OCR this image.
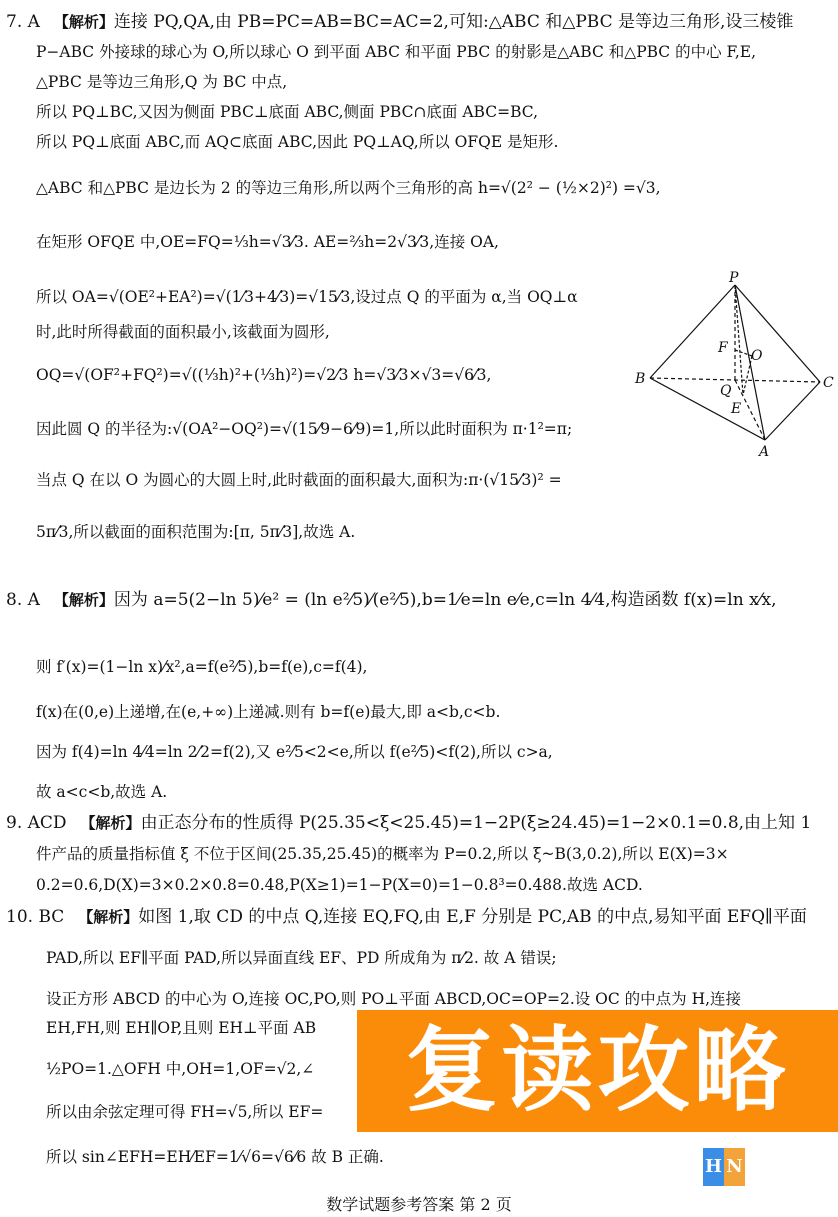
7. A 【解析】连接 PQ,QA,由 PB=PC=AB=BC=AC=2,可知:△ABC 和△PBC 是等边三角形,设三棱锥
P−ABC 外接球的球心为 O,所以球心 O 到平面 ABC 和平面 PBC 的射影是△ABC 和△PBC 的中心 F,E,
△PBC 是等边三角形,Q 为 BC 中点,
所以 PQ⊥BC,又因为侧面 PBC⊥底面 ABC,侧面 PBC∩底面 ABC=BC,
所以 PQ⊥底面 ABC,而 AQ⊂底面 ABC,因此 PQ⊥AQ,所以 OFQE 是矩形.
△ABC 和△PBC 是边长为 2 的等边三角形,所以两个三角形的高 h=√(2² − (½×2)²) =√3,
在矩形 OFQE 中,OE=FQ=⅓h=√3⁄3. AE=⅔h=2√3⁄3,连接 OA,
所以 OA=√(OE²+EA²)=√(1⁄3+4⁄3)=√15⁄3,设过点 Q 的平面为 α,当 OQ⊥α
时,此时所得截面的面积最小,该截面为圆形,
OQ=√(OF²+FQ²)=√((⅓h)²+(⅓h)²)=√2⁄3 h=√3⁄3×√3=√6⁄3,
因此圆 Q 的半径为:√(OA²−OQ²)=√(15⁄9−6⁄9)=1,所以此时面积为 π·1²=π;
当点 Q 在以 O 为圆心的大圆上时,此时截面的面积最大,面积为:π·(√15⁄3)² =
5π⁄3,所以截面的面积范围为:[π, 5π⁄3],故选 A.
P
B	C
A
F O
Q
E
8. A 【解析】因为 a=5(2−ln 5)⁄e² = (ln e²⁄5)⁄(e²⁄5),b=1⁄e=ln e⁄e,c=ln 4⁄4,构造函数 f(x)=ln x⁄x,
则 f′(x)=(1−ln x)⁄x²,a=f(e²⁄5),b=f(e),c=f(4),
f(x)在(0,e)上递增,在(e,+∞)上递减.则有 b=f(e)最大,即 a<b,c<b.
因为 f(4)=ln 4⁄4=ln 2⁄2=f(2),又 e²⁄5<2<e,所以 f(e²⁄5)<f(2),所以 c>a,
故 a<c<b,故选 A.
9. ACD 【解析】由正态分布的性质得 P(25.35<ξ<25.45)=1−2P(ξ≥24.45)=1−2×0.1=0.8,由上知 1
件产品的质量指标值 ξ 不位于区间(25.35,25.45)的概率为 P=0.2,所以 ξ~B(3,0.2),所以 E(X)=3×
0.2=0.6,D(X)=3×0.2×0.8=0.48,P(X≥1)=1−P(X=0)=1−0.8³=0.488.故选 ACD.
10. BC 【解析】如图 1,取 CD 的中点 Q,连接 EQ,FQ,由 E,F 分别是 PC,AB 的中点,易知平面 EFQ∥平面
PAD,所以 EF∥平面 PAD,所以异面直线 EF、PD 所成角为 π⁄2. 故 A 错误;
设正方形 ABCD 的中心为 O,连接 OC,PO,则 PO⊥平面 ABCD,OC=OP=2.设 OC 的中点为 H,连接
EH,FH,则 EH∥OP,且则 EH⊥平面 AB
½PO=1.△OFH 中,OH=1,OF=√2,∠
所以由余弦定理可得 FH=√5,所以 EF=
所以 sin∠EFH=EH⁄EF=1⁄√6=√6⁄6 故 B 正确.
复读攻略
H N
数学试题参考答案 第 2 页
